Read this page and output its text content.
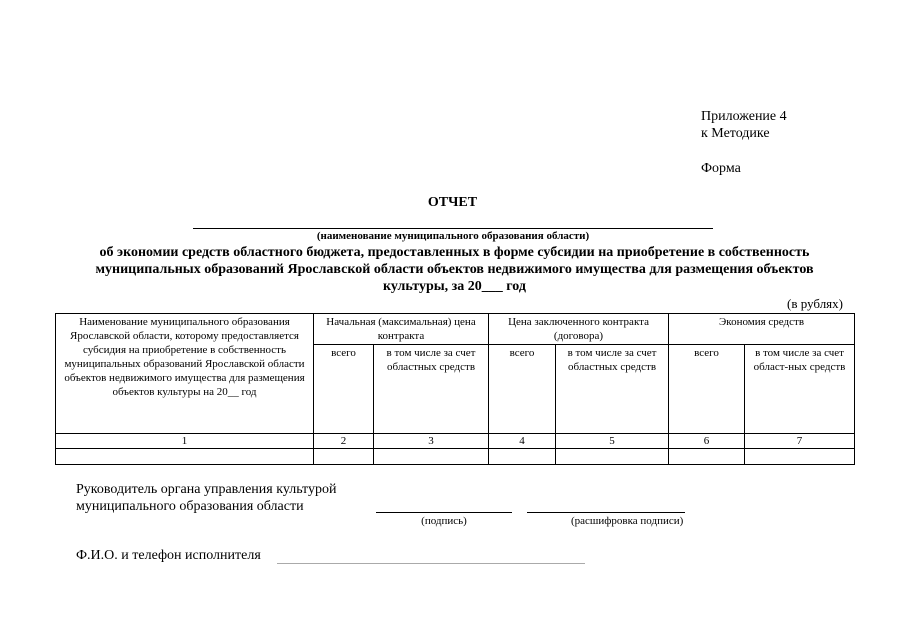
Приложение 4
к Методике
Форма
ОТЧЕТ
(наименование муниципального образования области)
об экономии средств областного бюджета, предоставленных в форме субсидии на приобретение в собственность
муниципальных образований Ярославской области объектов недвижимого имущества для размещения объектов
культуры, за 20___ год
(в рублях)
Наименование муниципального образования Ярославской области, которому предоставляется субсидия на приобретение в собственность муниципальных образований Ярославской области объектов недвижимого имущества для размещения объектов культуры на 20__ год	Начальная (максимальная) цена контракта		Цена заключенного контракта (договора)		Экономия средств	
	всего	в том числе за счет областных средств	всего	в том числе за счет областных средств	всего	в том числе за счет област-ных средств
1	2	3	4	5	6	7

Руководитель органа управления культурой
муниципального образования области
(подпись)	(расшифровка подписи)
Ф.И.О. и телефон исполнителя
